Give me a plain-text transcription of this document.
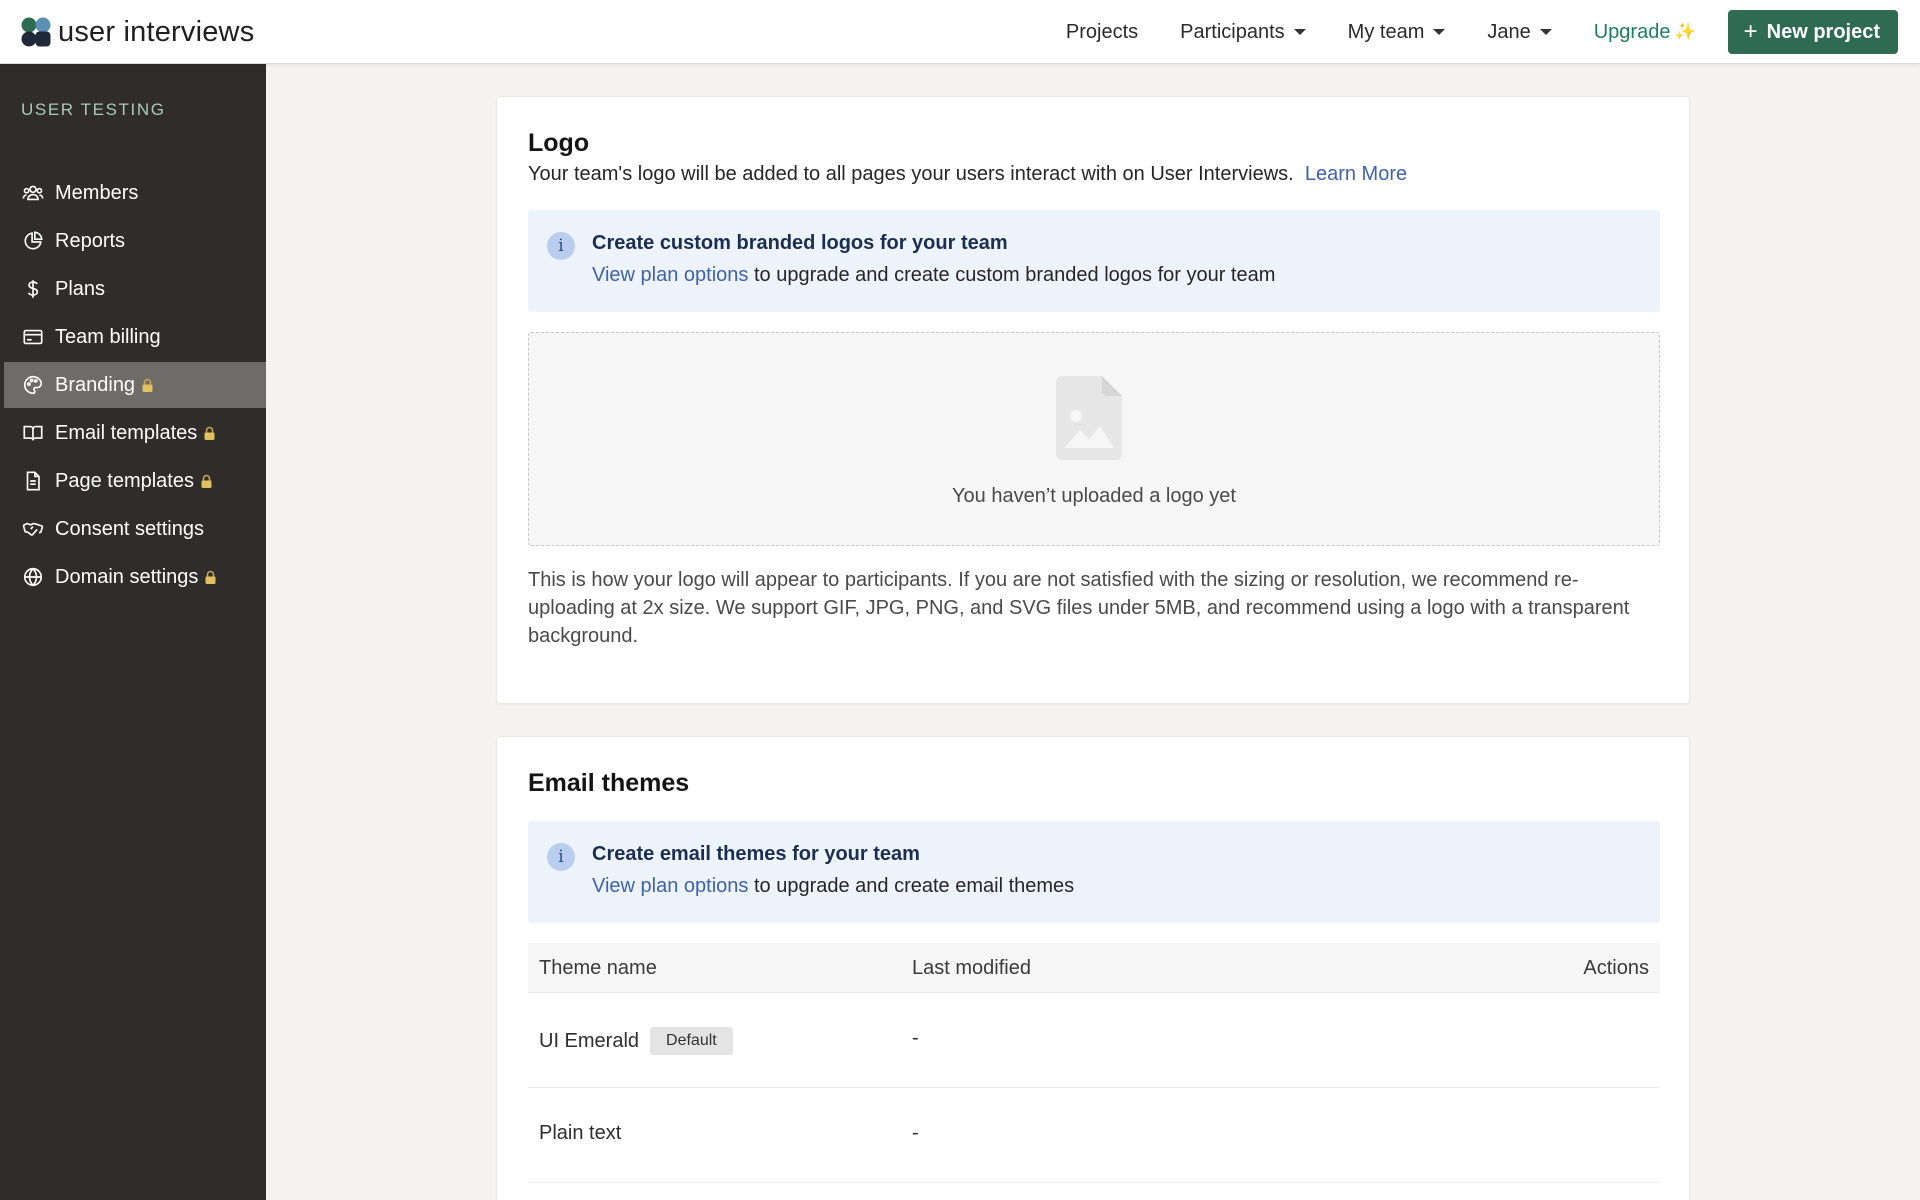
user interviews	Projects Participants	My team	Jane	Upgrade ✨ + New project
USER TESTING
Members
Reports
Plans
Team billing
Branding
Email templates
Page templates
Consent settings
Domain settings
Logo
Your team's logo will be added to all pages your users interact with on User Interviews. Learn More
i	Create custom branded logos for your team
View plan options to upgrade and create custom branded logos for your team
You haven’t uploaded a logo yet
This is how your logo will appear to participants. If you are not satisfied with the sizing or resolution, we recommend re-uploading at 2x size. We support GIF, JPG, PNG, and SVG files under 5MB, and recommend using a logo with a transparent background.
Email themes
i	Create email themes for your team
View plan options to upgrade and create email themes
Theme name	Last modified	Actions
UI Emerald Default	-
Plain text	-
